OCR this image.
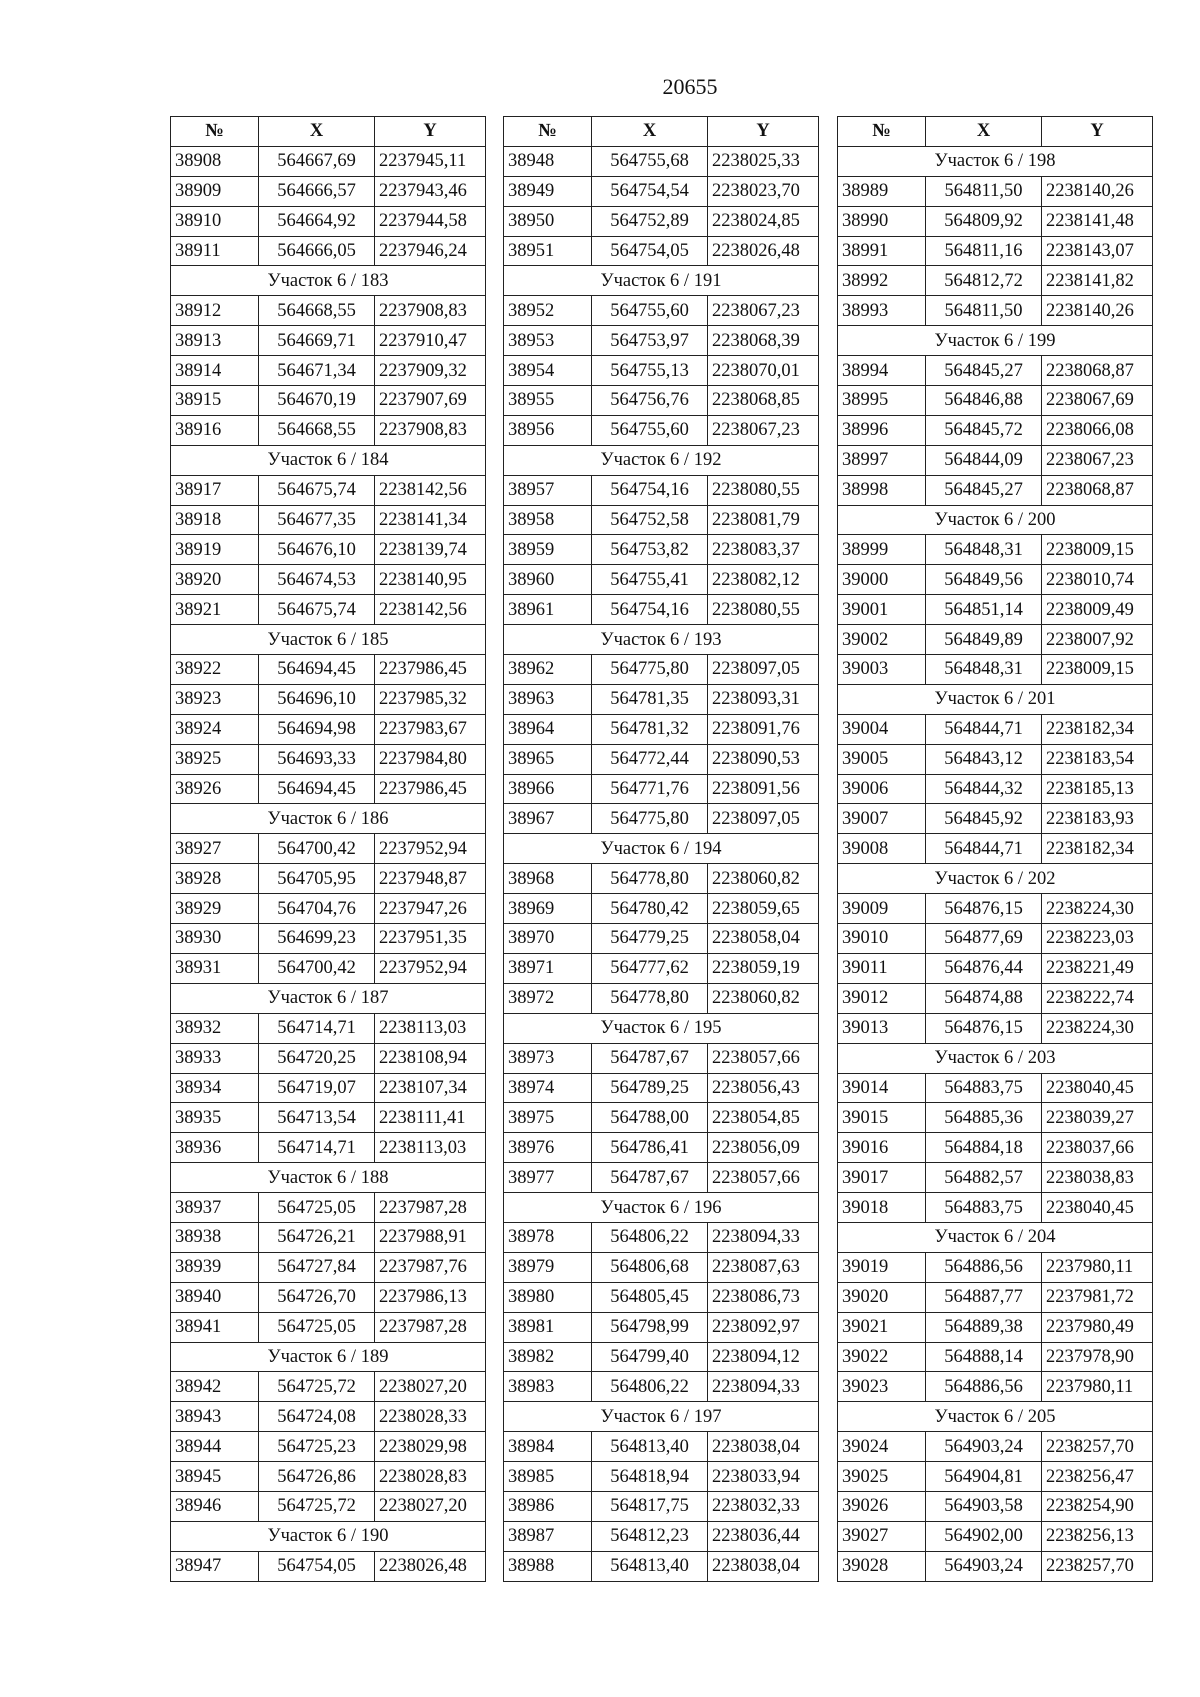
20655
№	X	Y
38908	564667,69	2237945,11
38909	564666,57	2237943,46
38910	564664,92	2237944,58
38911	564666,05	2237946,24
Участок 6 / 183		
38912	564668,55	2237908,83
38913	564669,71	2237910,47
38914	564671,34	2237909,32
38915	564670,19	2237907,69
38916	564668,55	2237908,83
Участок 6 / 184		
38917	564675,74	2238142,56
38918	564677,35	2238141,34
38919	564676,10	2238139,74
38920	564674,53	2238140,95
38921	564675,74	2238142,56
Участок 6 / 185		
38922	564694,45	2237986,45
38923	564696,10	2237985,32
38924	564694,98	2237983,67
38925	564693,33	2237984,80
38926	564694,45	2237986,45
Участок 6 / 186		
38927	564700,42	2237952,94
38928	564705,95	2237948,87
38929	564704,76	2237947,26
38930	564699,23	2237951,35
38931	564700,42	2237952,94
Участок 6 / 187		
38932	564714,71	2238113,03
38933	564720,25	2238108,94
38934	564719,07	2238107,34
38935	564713,54	2238111,41
38936	564714,71	2238113,03
Участок 6 / 188		
38937	564725,05	2237987,28
38938	564726,21	2237988,91
38939	564727,84	2237987,76
38940	564726,70	2237986,13
38941	564725,05	2237987,28
Участок 6 / 189		
38942	564725,72	2238027,20
38943	564724,08	2238028,33
38944	564725,23	2238029,98
38945	564726,86	2238028,83
38946	564725,72	2238027,20
Участок 6 / 190		
38947	564754,05	2238026,48
№	X	Y
38948	564755,68	2238025,33
38949	564754,54	2238023,70
38950	564752,89	2238024,85
38951	564754,05	2238026,48
Участок 6 / 191		
38952	564755,60	2238067,23
38953	564753,97	2238068,39
38954	564755,13	2238070,01
38955	564756,76	2238068,85
38956	564755,60	2238067,23
Участок 6 / 192		
38957	564754,16	2238080,55
38958	564752,58	2238081,79
38959	564753,82	2238083,37
38960	564755,41	2238082,12
38961	564754,16	2238080,55
Участок 6 / 193		
38962	564775,80	2238097,05
38963	564781,35	2238093,31
38964	564781,32	2238091,76
38965	564772,44	2238090,53
38966	564771,76	2238091,56
38967	564775,80	2238097,05
Участок 6 / 194		
38968	564778,80	2238060,82
38969	564780,42	2238059,65
38970	564779,25	2238058,04
38971	564777,62	2238059,19
38972	564778,80	2238060,82
Участок 6 / 195		
38973	564787,67	2238057,66
38974	564789,25	2238056,43
38975	564788,00	2238054,85
38976	564786,41	2238056,09
38977	564787,67	2238057,66
Участок 6 / 196		
38978	564806,22	2238094,33
38979	564806,68	2238087,63
38980	564805,45	2238086,73
38981	564798,99	2238092,97
38982	564799,40	2238094,12
38983	564806,22	2238094,33
Участок 6 / 197		
38984	564813,40	2238038,04
38985	564818,94	2238033,94
38986	564817,75	2238032,33
38987	564812,23	2238036,44
38988	564813,40	2238038,04
№	X	Y
Участок 6 / 198		
38989	564811,50	2238140,26
38990	564809,92	2238141,48
38991	564811,16	2238143,07
38992	564812,72	2238141,82
38993	564811,50	2238140,26
Участок 6 / 199		
38994	564845,27	2238068,87
38995	564846,88	2238067,69
38996	564845,72	2238066,08
38997	564844,09	2238067,23
38998	564845,27	2238068,87
Участок 6 / 200		
38999	564848,31	2238009,15
39000	564849,56	2238010,74
39001	564851,14	2238009,49
39002	564849,89	2238007,92
39003	564848,31	2238009,15
Участок 6 / 201		
39004	564844,71	2238182,34
39005	564843,12	2238183,54
39006	564844,32	2238185,13
39007	564845,92	2238183,93
39008	564844,71	2238182,34
Участок 6 / 202		
39009	564876,15	2238224,30
39010	564877,69	2238223,03
39011	564876,44	2238221,49
39012	564874,88	2238222,74
39013	564876,15	2238224,30
Участок 6 / 203		
39014	564883,75	2238040,45
39015	564885,36	2238039,27
39016	564884,18	2238037,66
39017	564882,57	2238038,83
39018	564883,75	2238040,45
Участок 6 / 204		
39019	564886,56	2237980,11
39020	564887,77	2237981,72
39021	564889,38	2237980,49
39022	564888,14	2237978,90
39023	564886,56	2237980,11
Участок 6 / 205		
39024	564903,24	2238257,70
39025	564904,81	2238256,47
39026	564903,58	2238254,90
39027	564902,00	2238256,13
39028	564903,24	2238257,70
